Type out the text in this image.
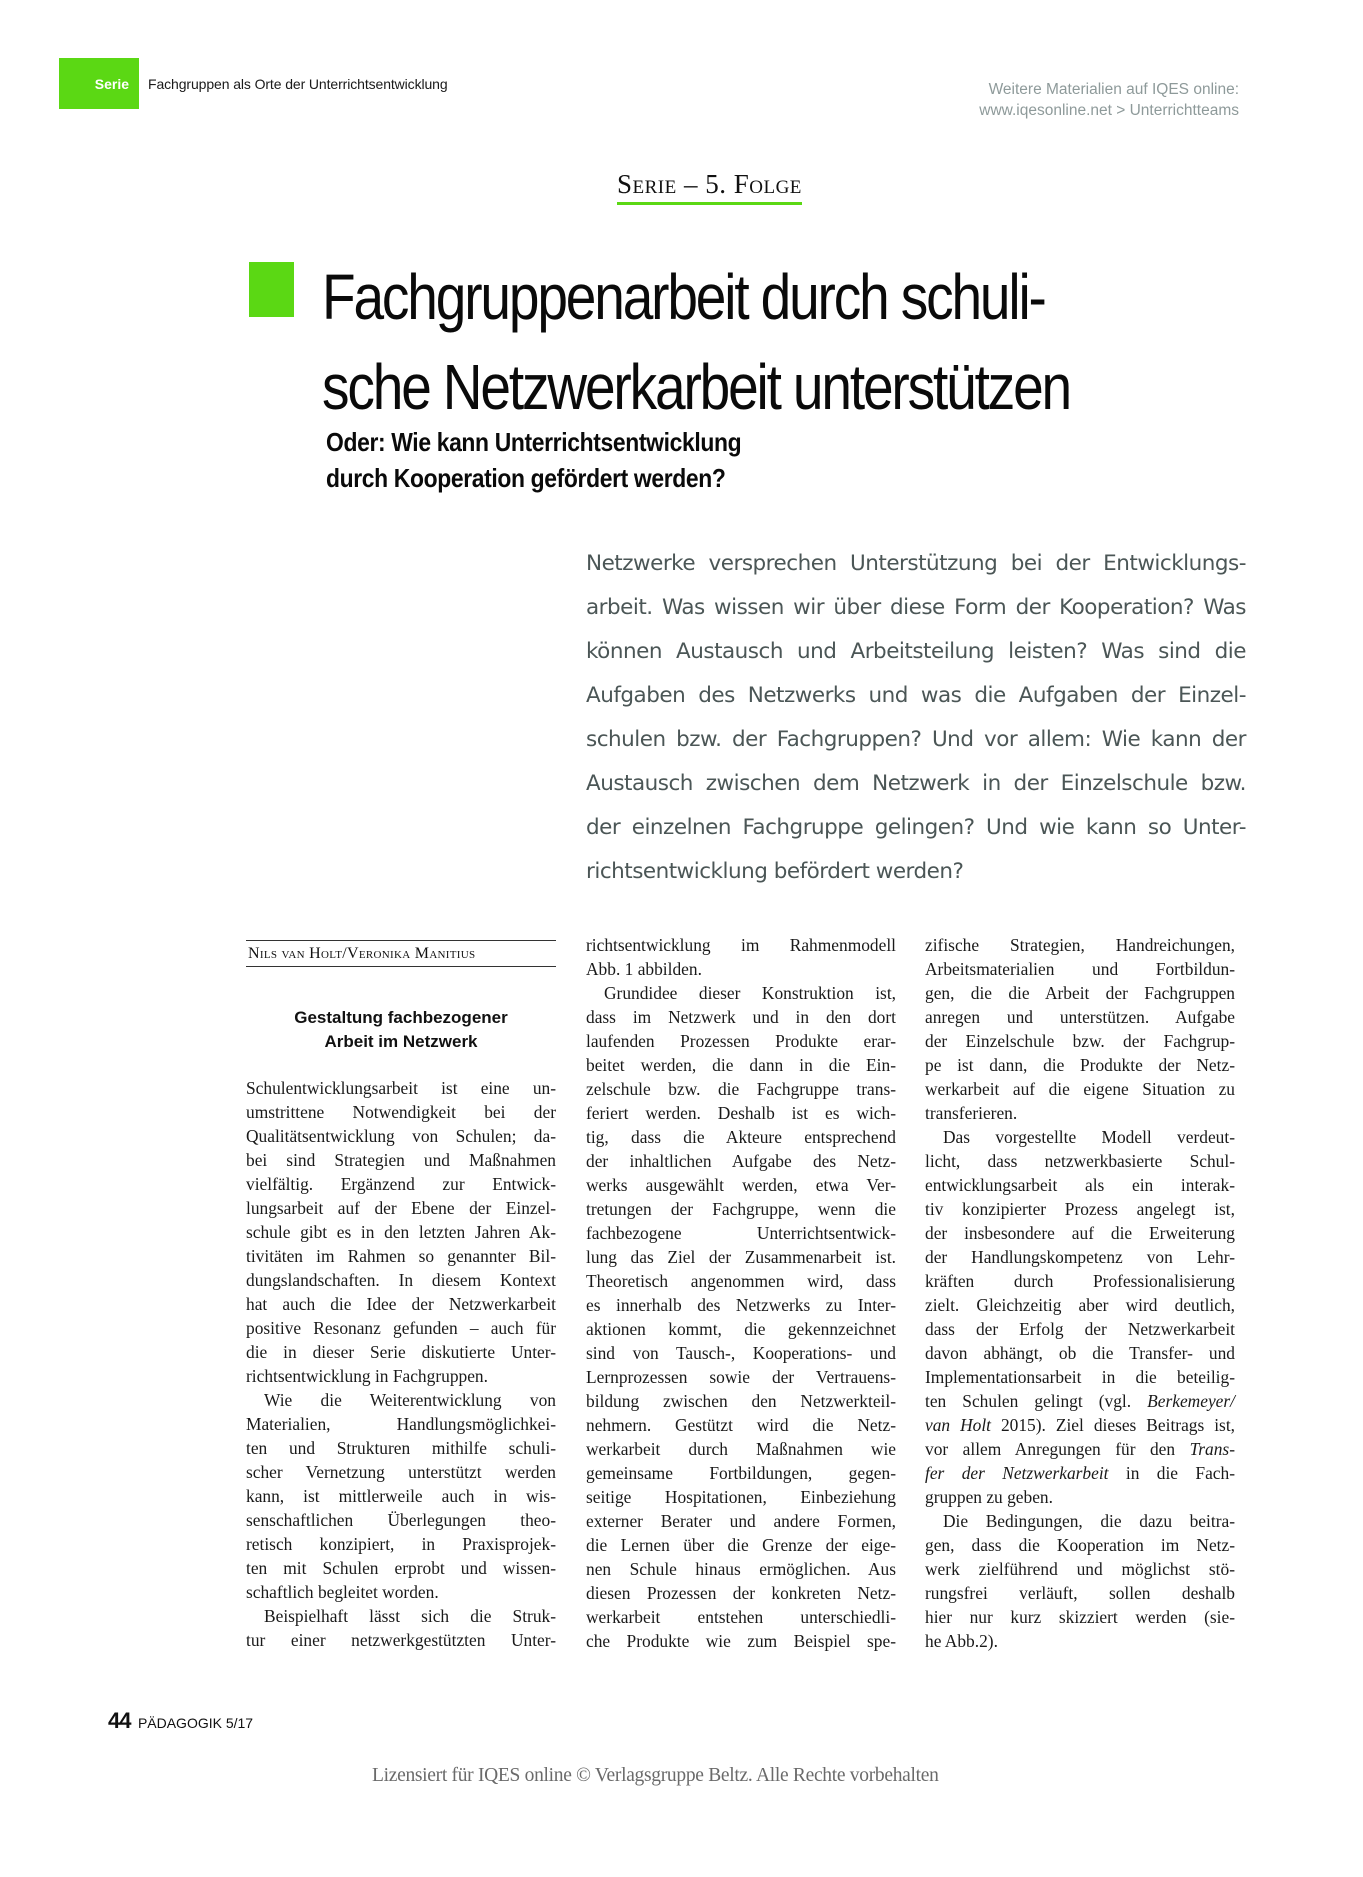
Serie Fachgruppen als Orte der Unterrichtsentwicklung	Weitere Materialien auf IQES online:
www.iqesonline.net > Unterrichtteams
Serie – 5. Folge
Fachgruppenarbeit durch schuli-
sche Netzwerkarbeit unterstützen
Oder: Wie kann Unterrichtsentwicklung
durch Kooperation gefördert werden?
Netzwerke versprechen Unterstützung bei der Entwicklungs-
arbeit. Was wissen wir über diese Form der Kooperation? Was
können Austausch und Arbeitsteilung leisten? Was sind die
Aufgaben des Netzwerks und was die Aufgaben der Einzel-
schulen bzw. der Fachgruppen? Und vor allem: Wie kann der
Austausch zwischen dem Netzwerk in der Einzelschule bzw.
der einzelnen Fachgruppe gelingen? Und wie kann so Unter-
richtsentwicklung befördert werden?
Nils van Holt/Veronika Manitius
Gestaltung fachbezogener
Arbeit im Netzwerk
Schulentwicklungsarbeit ist eine un-
umstrittene Notwendigkeit bei der
Qualitätsentwicklung von Schulen; da-
bei sind Strategien und Maßnahmen
vielfältig. Ergänzend zur Entwick-
lungsarbeit auf der Ebene der Einzel-
schule gibt es in den letzten Jahren Ak-
tivitäten im Rahmen so genannter Bil-
dungslandschaften. In diesem Kontext
hat auch die Idee der Netzwerkarbeit
positive Resonanz gefunden – auch für
die in dieser Serie diskutierte Unter-
richtsentwicklung in Fachgruppen.
Wie die Weiterentwicklung von
Materialien, Handlungsmöglichkei-
ten und Strukturen mithilfe schuli-
scher Vernetzung unterstützt werden
kann, ist mittlerweile auch in wis-
senschaftlichen Überlegungen theo-
retisch konzipiert, in Praxisprojek-
ten mit Schulen erprobt und wissen-
schaftlich begleitet worden.
Beispielhaft lässt sich die Struk-
tur einer netzwerkgestützten Unter-
richtsentwicklung im Rahmenmodell
Abb. 1 abbilden.
Grundidee dieser Konstruktion ist,
dass im Netzwerk und in den dort
laufenden Prozessen Produkte erar-
beitet werden, die dann in die Ein-
zelschule bzw. die Fachgruppe trans-
feriert werden. Deshalb ist es wich-
tig, dass die Akteure entsprechend
der inhaltlichen Aufgabe des Netz-
werks ausgewählt werden, etwa Ver-
tretungen der Fachgruppe, wenn die
fachbezogene Unterrichtsentwick-
lung das Ziel der Zusammenarbeit ist.
Theoretisch angenommen wird, dass
es innerhalb des Netzwerks zu Inter-
aktionen kommt, die gekennzeichnet
sind von Tausch-, Kooperations- und
Lernprozessen sowie der Vertrauens-
bildung zwischen den Netzwerkteil-
nehmern. Gestützt wird die Netz-
werkarbeit durch Maßnahmen wie
gemeinsame Fortbildungen, gegen-
seitige Hospitationen, Einbeziehung
externer Berater und andere Formen,
die Lernen über die Grenze der eige-
nen Schule hinaus ermöglichen. Aus
diesen Prozessen der konkreten Netz-
werkarbeit entstehen unterschiedli-
che Produkte wie zum Beispiel spe-
zifische Strategien, Handreichungen,
Arbeitsmaterialien und Fortbildun-
gen, die die Arbeit der Fachgruppen
anregen und unterstützen. Aufgabe
der Einzelschule bzw. der Fachgrup-
pe ist dann, die Produkte der Netz-
werkarbeit auf die eigene Situation zu
transferieren.
Das vorgestellte Modell verdeut-
licht, dass netzwerkbasierte Schul-
entwicklungsarbeit als ein interak-
tiv konzipierter Prozess angelegt ist,
der insbesondere auf die Erweiterung
der Handlungskompetenz von Lehr-
kräften durch Professionalisierung
zielt. Gleichzeitig aber wird deutlich,
dass der Erfolg der Netzwerkarbeit
davon abhängt, ob die Transfer- und
Implementationsarbeit in die beteilig-
ten Schulen gelingt (vgl. Berkemeyer/
van Holt 2015). Ziel dieses Beitrags ist,
vor allem Anregungen für den Trans-
fer der Netzwerkarbeit in die Fach-
gruppen zu geben.
Die Bedingungen, die dazu beitra-
gen, dass die Kooperation im Netz-
werk zielführend und möglichst stö-
rungsfrei verläuft, sollen deshalb
hier nur kurz skizziert werden (sie-
he Abb.2).
44 PÄDAGOGIK 5/17
Lizensiert für IQES online © Verlagsgruppe Beltz. Alle Rechte vorbehalten
